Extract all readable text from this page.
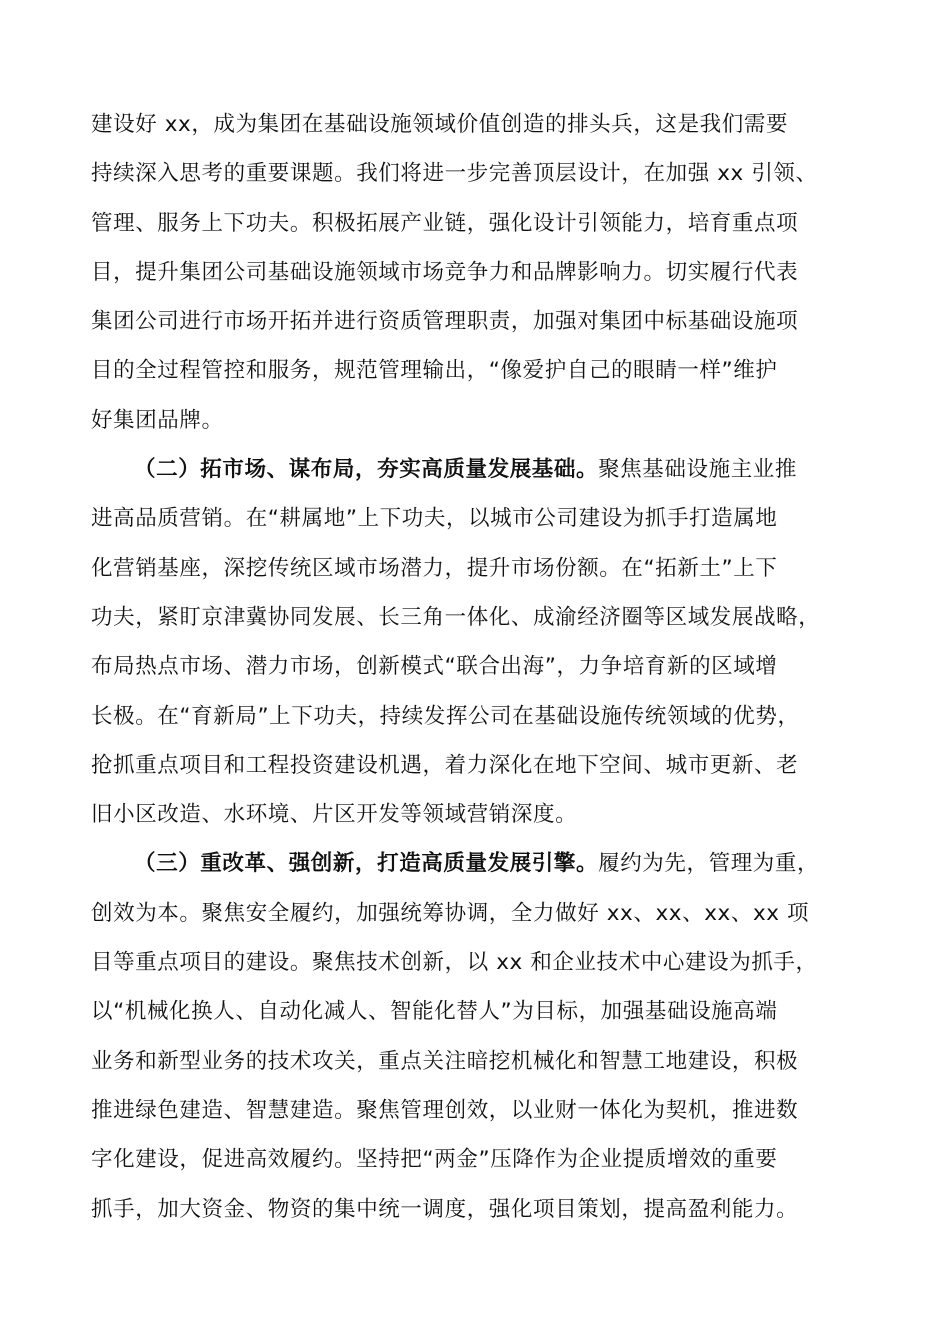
建设好 xx，成为集团在基础设施领域价值创造的排头兵，这是我们需要
持续深入思考的重要课题。我们将进一步完善顶层设计，在加强 xx 引领、
管理、服务上下功夫。积极拓展产业链，强化设计引领能力，培育重点项
目，提升集团公司基础设施领域市场竞争力和品牌影响力。切实履行代表
集团公司进行市场开拓并进行资质管理职责，加强对集团中标基础设施项
目的全过程管控和服务，规范管理输出，“像爱护自己的眼睛一样”维护
好集团品牌。
（二）拓市场、谋布局，夯实高质量发展基础。聚焦基础设施主业推
进高品质营销。在“耕属地”上下功夫，以城市公司建设为抓手打造属地
化营销基座，深挖传统区域市场潜力，提升市场份额。在“拓新土”上下
功夫，紧盯京津冀协同发展、长三角一体化、成渝经济圈等区域发展战略，
布局热点市场、潜力市场，创新模式“联合出海”，力争培育新的区域增
长极。在“育新局”上下功夫，持续发挥公司在基础设施传统领域的优势，
抢抓重点项目和工程投资建设机遇，着力深化在地下空间、城市更新、老
旧小区改造、水环境、片区开发等领域营销深度。
（三）重改革、强创新，打造高质量发展引擎。履约为先，管理为重，
创效为本。聚焦安全履约，加强统筹协调，全力做好 xx、xx、xx、xx 项
目等重点项目的建设。聚焦技术创新，以 xx 和企业技术中心建设为抓手，
以“机械化换人、自动化减人、智能化替人”为目标，加强基础设施高端
业务和新型业务的技术攻关，重点关注暗挖机械化和智慧工地建设，积极
推进绿色建造、智慧建造。聚焦管理创效，以业财一体化为契机，推进数
字化建设，促进高效履约。坚持把“两金”压降作为企业提质增效的重要
抓手，加大资金、物资的集中统一调度，强化项目策划，提高盈利能力。
